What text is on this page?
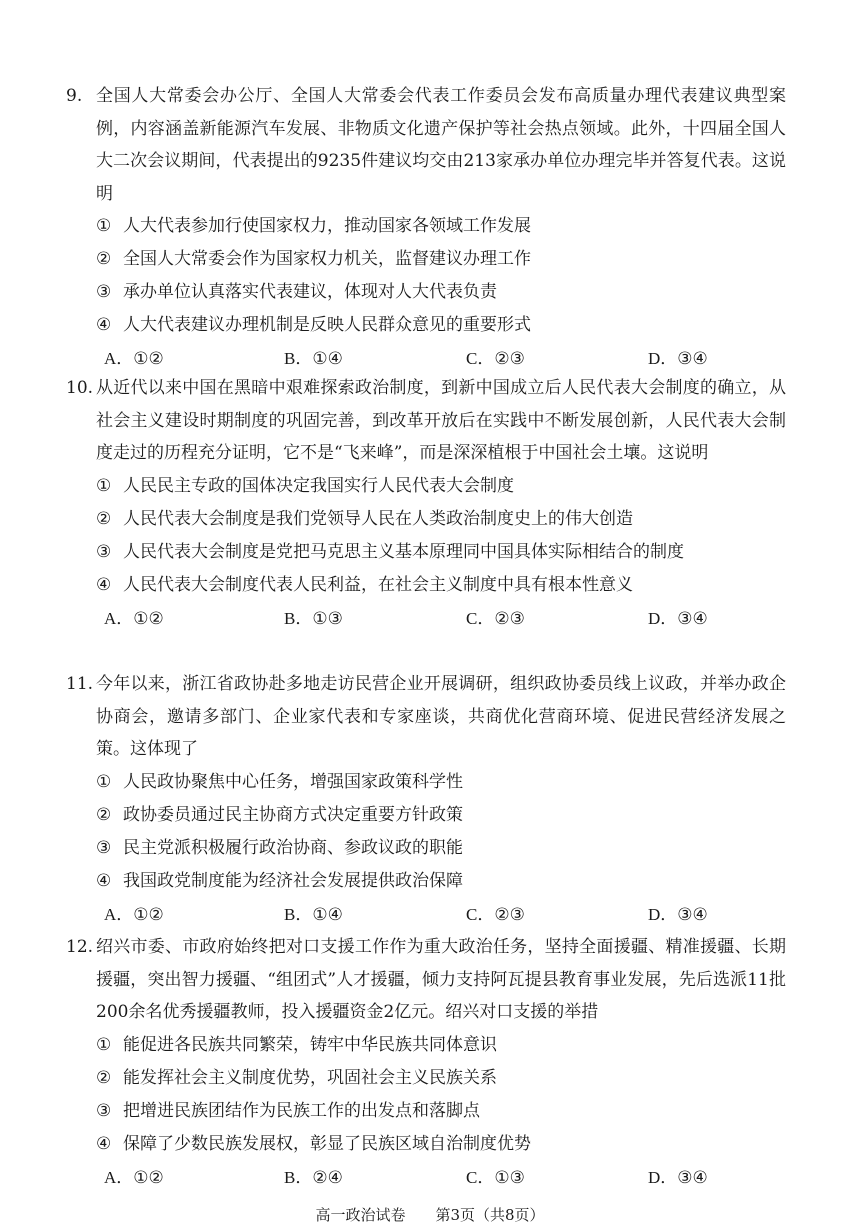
9. 全国人大常委会办公厅、全国人大常委会代表工作委员会发布高质量办理代表建议典型案例，内容涵盖新能源汽车发展、非物质文化遗产保护等社会热点领域。此外，十四届全国人大二次会议期间，代表提出的9235件建议均交由213家承办单位办理完毕并答复代表。这说明
① 人大代表参加行使国家权力，推动国家各领域工作发展
② 全国人大常委会作为国家权力机关，监督建议办理工作
③ 承办单位认真落实代表建议，体现对人大代表负责
④ 人大代表建议办理机制是反映人民群众意见的重要形式
A．①②	B．①④	C．②③	D．③④
10. 从近代以来中国在黑暗中艰难探索政治制度，到新中国成立后人民代表大会制度的确立，从社会主义建设时期制度的巩固完善，到改革开放后在实践中不断发展创新，人民代表大会制度走过的历程充分证明，它不是“飞来峰”，而是深深植根于中国社会土壤。这说明
① 人民民主专政的国体决定我国实行人民代表大会制度
② 人民代表大会制度是我们党领导人民在人类政治制度史上的伟大创造
③ 人民代表大会制度是党把马克思主义基本原理同中国具体实际相结合的制度
④ 人民代表大会制度代表人民利益，在社会主义制度中具有根本性意义
A．①②	B．①③	C．②③	D．③④
11. 今年以来，浙江省政协赴多地走访民营企业开展调研，组织政协委员线上议政，并举办政企协商会，邀请多部门、企业家代表和专家座谈，共商优化营商环境、促进民营经济发展之策。这体现了
① 人民政协聚焦中心任务，增强国家政策科学性
② 政协委员通过民主协商方式决定重要方针政策
③ 民主党派积极履行政治协商、参政议政的职能
④ 我国政党制度能为经济社会发展提供政治保障
A．①②	B．①④	C．②③	D．③④
12. 绍兴市委、市政府始终把对口支援工作作为重大政治任务，坚持全面援疆、精准援疆、长期援疆，突出智力援疆、“组团式”人才援疆，倾力支持阿瓦提县教育事业发展，先后选派11批200余名优秀援疆教师，投入援疆资金2亿元。绍兴对口支援的举措
① 能促进各民族共同繁荣，铸牢中华民族共同体意识
② 能发挥社会主义制度优势，巩固社会主义民族关系
③ 把增进民族团结作为民族工作的出发点和落脚点
④ 保障了少数民族发展权，彰显了民族区域自治制度优势
A．①②	B．②④	C．①③	D．③④
高一政治试卷　　第3页（共8页）
